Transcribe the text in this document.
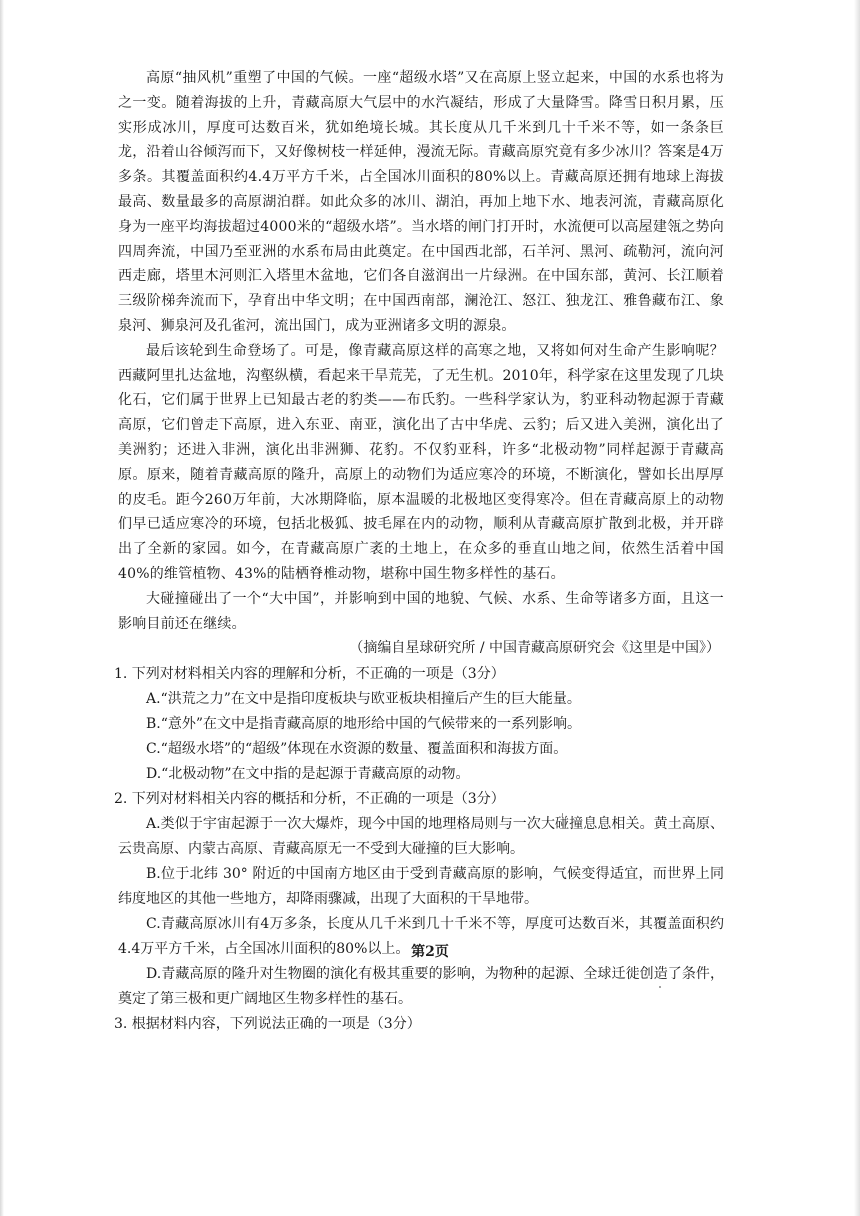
高原“抽风机”重塑了中国的气候。一座“超级水塔”又在高原上竖立起来，中国的水系也将为之一变。随着海拔的上升，青藏高原大气层中的水汽凝结，形成了大量降雪。降雪日积月累，压实形成冰川，厚度可达数百米，犹如绝境长城。其长度从几千米到几十千米不等，如一条条巨龙，沿着山谷倾泻而下，又好像树枝一样延伸，漫流无际。青藏高原究竟有多少冰川？答案是4万多条。其覆盖面积约4.4万平方千米，占全国冰川面积的80%以上。青藏高原还拥有地球上海拔最高、数量最多的高原湖泊群。如此众多的冰川、湖泊，再加上地下水、地表河流，青藏高原化身为一座平均海拔超过4000米的“超级水塔”。当水塔的闸门打开时，水流便可以高屋建瓴之势向四周奔流，中国乃至亚洲的水系布局由此奠定。在中国西北部，石羊河、黑河、疏勒河，流向河西走廊，塔里木河则汇入塔里木盆地，它们各自滋润出一片绿洲。在中国东部，黄河、长江顺着三级阶梯奔流而下，孕育出中华文明；在中国西南部，澜沧江、怒江、独龙江、雅鲁藏布江、象泉河、狮泉河及孔雀河，流出国门，成为亚洲诸多文明的源泉。

最后该轮到生命登场了。可是，像青藏高原这样的高寒之地，又将如何对生命产生影响呢？西藏阿里扎达盆地，沟壑纵横，看起来干旱荒芜，了无生机。2010年，科学家在这里发现了几块化石，它们属于世界上已知最古老的豹类——布氏豹。一些科学家认为，豹亚科动物起源于青藏高原，它们曾走下高原，进入东亚、南亚，演化出了古中华虎、云豹；后又进入美洲，演化出了美洲豹；还进入非洲，演化出非洲狮、花豹。不仅豹亚科，许多“北极动物”同样起源于青藏高原。原来，随着青藏高原的隆升，高原上的动物们为适应寒冷的环境，不断演化，譬如长出厚厚的皮毛。距今260万年前，大冰期降临，原本温暖的北极地区变得寒冷。但在青藏高原上的动物们早已适应寒冷的环境，包括北极狐、披毛犀在内的动物，顺利从青藏高原扩散到北极，并开辟出了全新的家园。如今，在青藏高原广袤的土地上，在众多的垂直山地之间，依然生活着中国40%的维管植物、43%的陆栖脊椎动物，堪称中国生物多样性的基石。

大碰撞碰出了一个“大中国”，并影响到中国的地貌、气候、水系、生命等诸多方面，且这一影响目前还在继续。

（摘编自星球研究所 / 中国青藏高原研究会《这里是中国》）

1. 下列对材料相关内容的理解和分析，不正确的一项是（3分）

A.“洪荒之力”在文中是指印度板块与欧亚板块相撞后产生的巨大能量。

B.“意外”在文中是指青藏高原的地形给中国的气候带来的一系列影响。

C.“超级水塔”的“超级”体现在水资源的数量、覆盖面积和海拔方面。

D.“北极动物”在文中指的是起源于青藏高原的动物。

2. 下列对材料相关内容的概括和分析，不正确的一项是（3分）

A.类似于宇宙起源于一次大爆炸，现今中国的地理格局则与一次大碰撞息息相关。黄土高原、云贵高原、内蒙古高原、青藏高原无一不受到大碰撞的巨大影响。

B.位于北纬 30° 附近的中国南方地区由于受到青藏高原的影响，气候变得适宜，而世界上同纬度地区的其他一些地方，却降雨骤减，出现了大面积的干旱地带。

C.青藏高原冰川有4万多条，长度从几千米到几十千米不等，厚度可达数百米，其覆盖面积约 4.4万平方千米，占全国冰川面积的80%以上。

D.青藏高原的隆升对生物圈的演化有极其重要的影响，为物种的起源、全球迁徙创造了条件，奠定了第三极和更广阔地区生物多样性的基石。

3. 根据材料内容，下列说法正确的一项是（3分）

第2页
